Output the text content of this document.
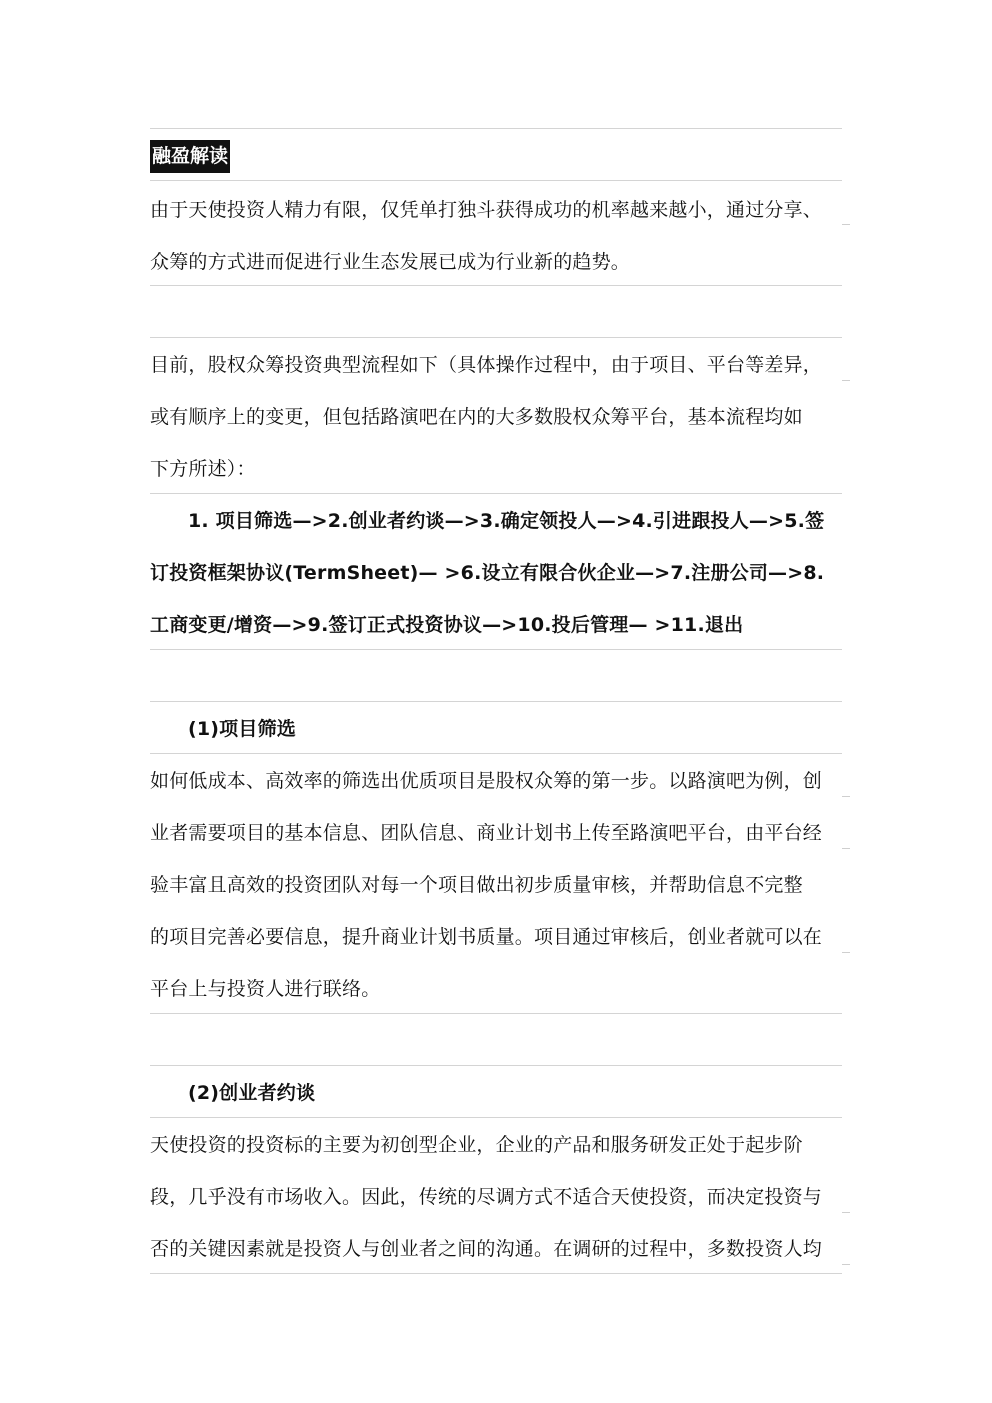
融盈解读
由于天使投资人精力有限，仅凭单打独斗获得成功的机率越来越小，通过分享、
众筹的方式进而促进行业生态发展已成为行业新的趋势。
目前，股权众筹投资典型流程如下（具体操作过程中，由于项目、平台等差异，
或有顺序上的变更，但包括路演吧在内的大多数股权众筹平台，基本流程均如
下方所述）：
1. 项目筛选—>2.创业者约谈—>3.确定领投人—>4.引进跟投人—>5.签
订投资框架协议(TermSheet)— >6.设立有限合伙企业—>7.注册公司—>8.
工商变更/增资—>9.签订正式投资协议—>10.投后管理— >11.退出
(1)项目筛选
如何低成本、高效率的筛选出优质项目是股权众筹的第一步。以路演吧为例，创
业者需要项目的基本信息、团队信息、商业计划书上传至路演吧平台，由平台经
验丰富且高效的投资团队对每一个项目做出初步质量审核，并帮助信息不完整
的项目完善必要信息，提升商业计划书质量。项目通过审核后，创业者就可以在
平台上与投资人进行联络。
(2)创业者约谈
天使投资的投资标的主要为初创型企业，企业的产品和服务研发正处于起步阶
段，几乎没有市场收入。因此，传统的尽调方式不适合天使投资，而决定投资与
否的关键因素就是投资人与创业者之间的沟通。在调研的过程中，多数投资人均
